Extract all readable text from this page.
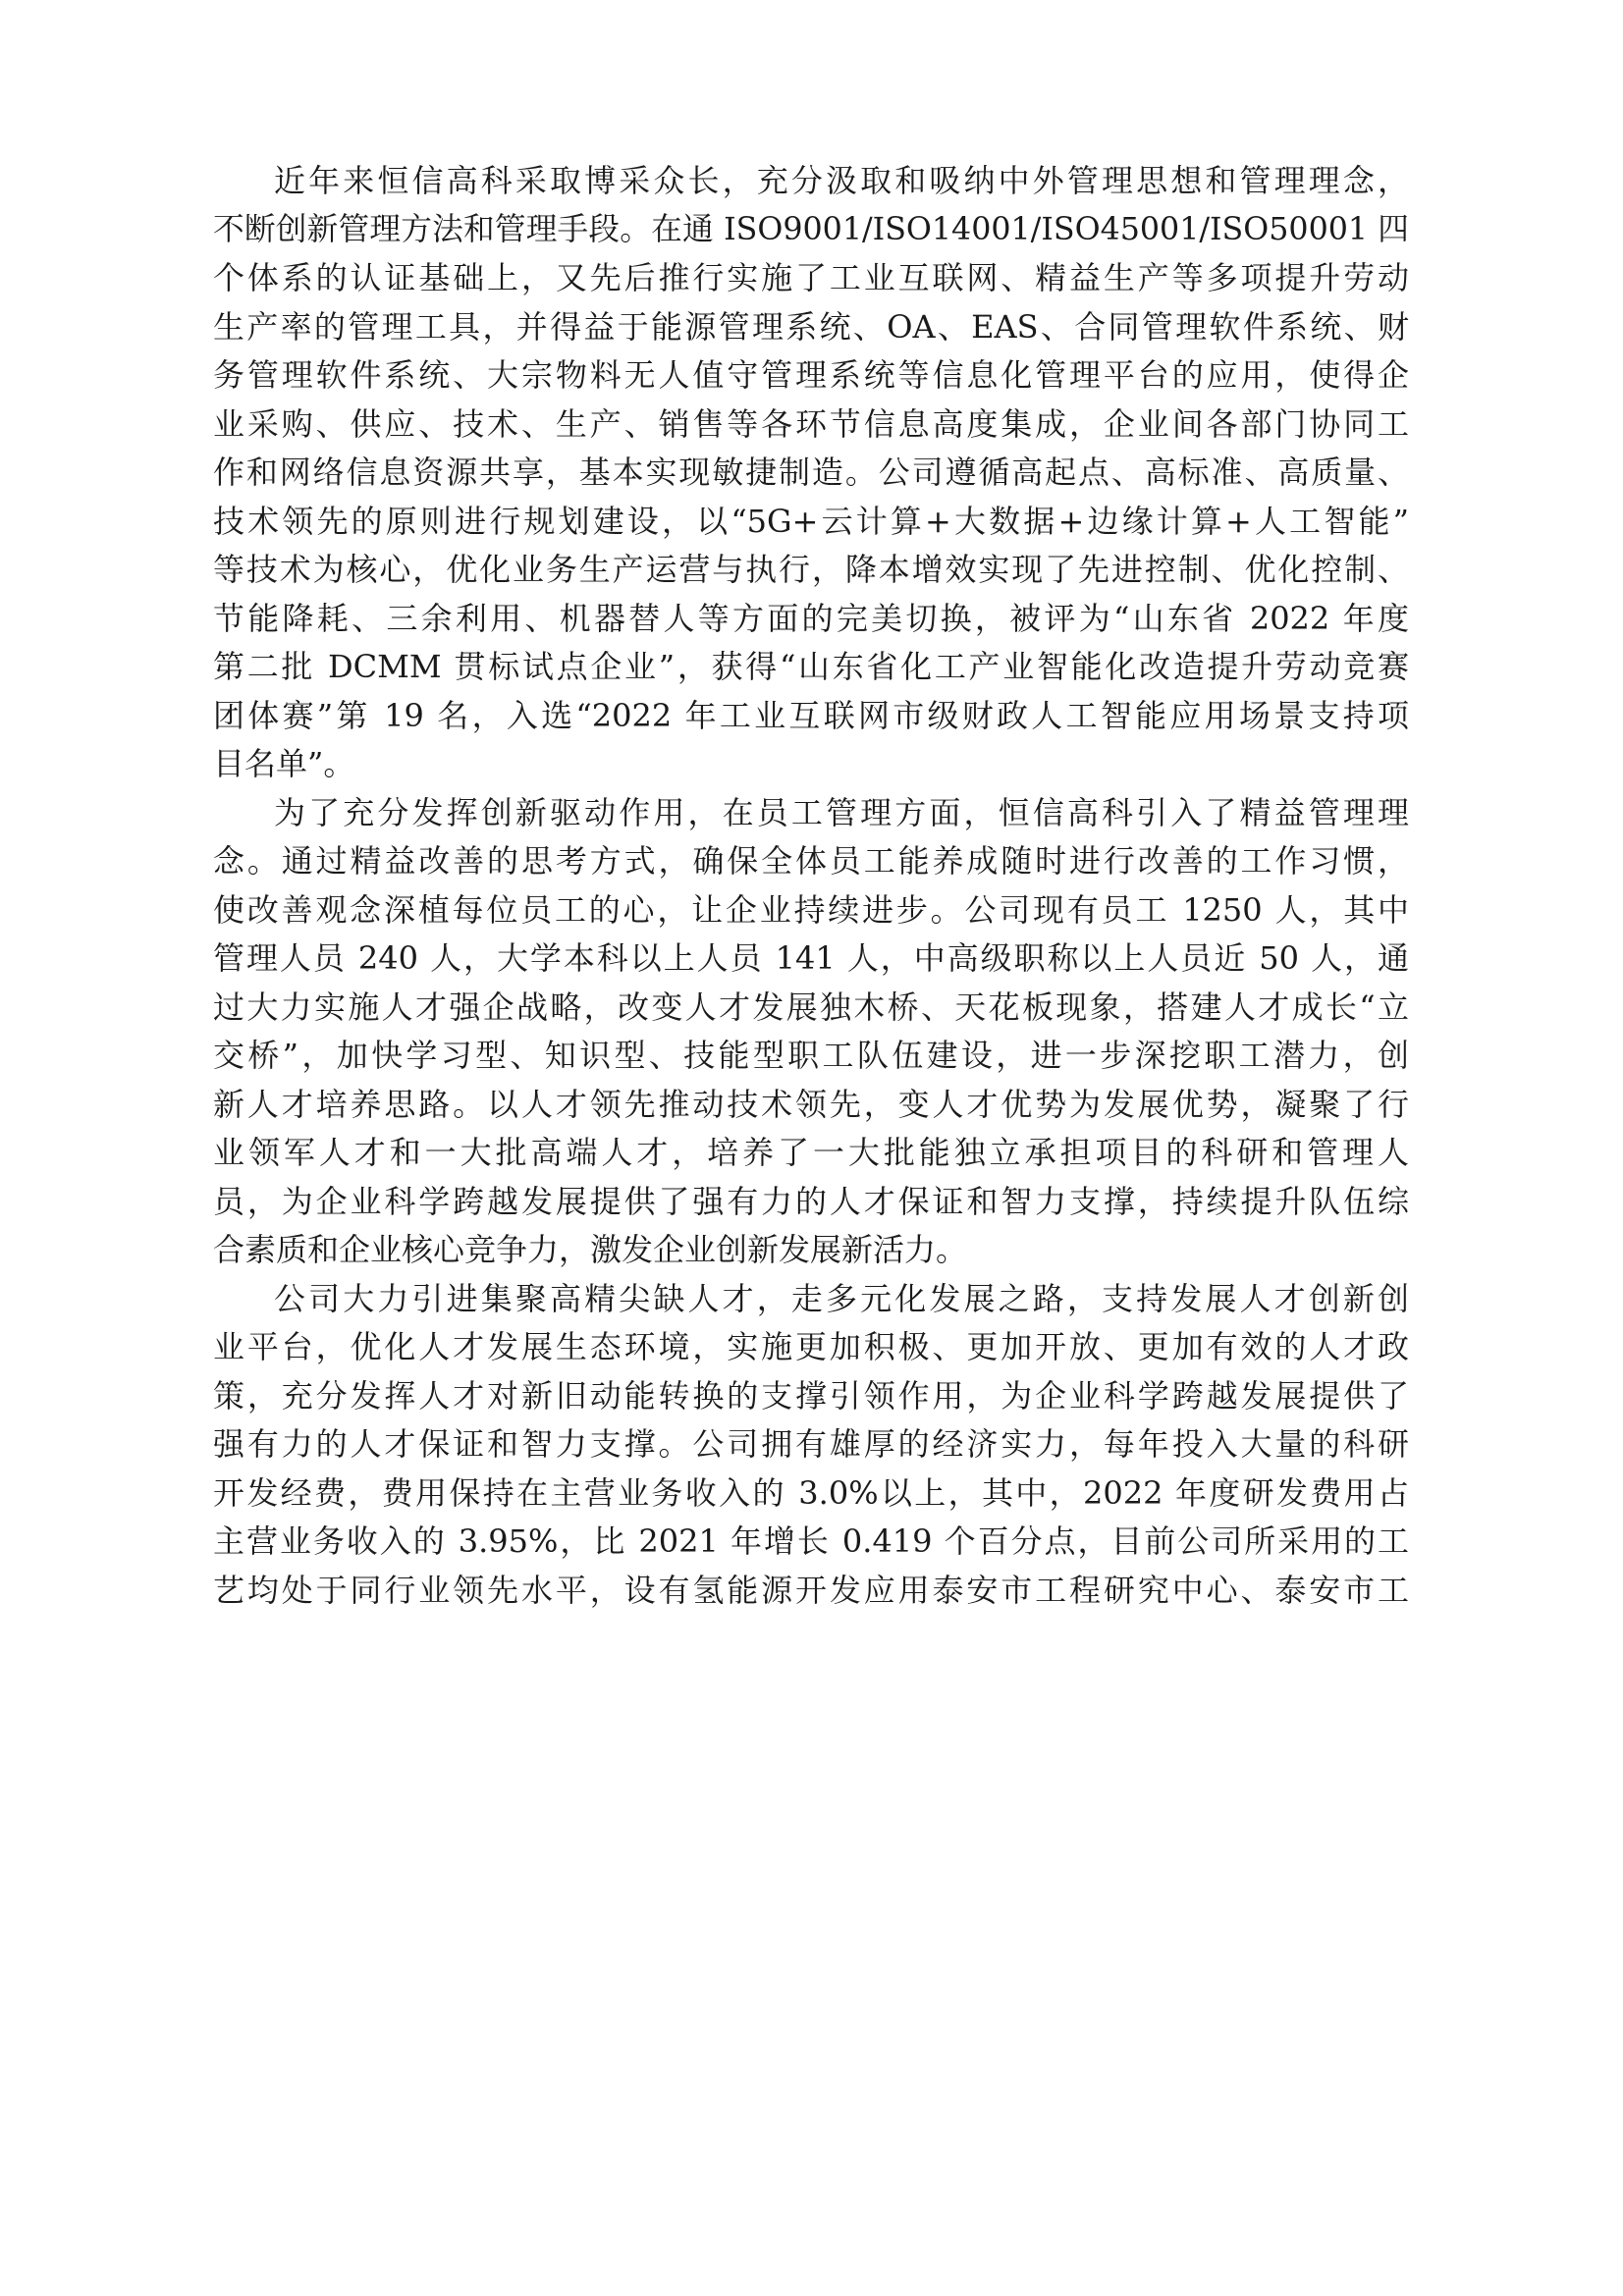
近年来恒信高科采取博采众长，充分汲取和吸纳中外管理思想和管理理念，
不断创新管理方法和管理手段。在通 ISO9001/ISO14001/ISO45001/ISO50001 四
个体系的认证基础上，又先后推行实施了工业互联网、精益生产等多项提升劳动
生产率的管理工具，并得益于能源管理系统、OA、EAS、合同管理软件系统、财
务管理软件系统、大宗物料无人值守管理系统等信息化管理平台的应用，使得企
业采购、供应、技术、生产、销售等各环节信息高度集成，企业间各部门协同工
作和网络信息资源共享，基本实现敏捷制造。公司遵循高起点、高标准、高质量、
技术领先的原则进行规划建设，以“5G+云计算+大数据+边缘计算+人工智能”
等技术为核心，优化业务生产运营与执行，降本增效实现了先进控制、优化控制、
节能降耗、三余利用、机器替人等方面的完美切换，被评为“山东省 2022 年度
第二批 DCMM 贯标试点企业”，获得“山东省化工产业智能化改造提升劳动竞赛
团体赛”第 19 名，入选“2022 年工业互联网市级财政人工智能应用场景支持项
目名单”。
为了充分发挥创新驱动作用，在员工管理方面，恒信高科引入了精益管理理
念。通过精益改善的思考方式，确保全体员工能养成随时进行改善的工作习惯，
使改善观念深植每位员工的心，让企业持续进步。公司现有员工 1250 人，其中
管理人员 240 人，大学本科以上人员 141 人，中高级职称以上人员近 50 人，通
过大力实施人才强企战略，改变人才发展独木桥、天花板现象，搭建人才成长“立
交桥”，加快学习型、知识型、技能型职工队伍建设，进一步深挖职工潜力，创
新人才培养思路。以人才领先推动技术领先，变人才优势为发展优势，凝聚了行
业领军人才和一大批高端人才，培养了一大批能独立承担项目的科研和管理人
员，为企业科学跨越发展提供了强有力的人才保证和智力支撑，持续提升队伍综
合素质和企业核心竞争力，激发企业创新发展新活力。
公司大力引进集聚高精尖缺人才，走多元化发展之路，支持发展人才创新创
业平台，优化人才发展生态环境，实施更加积极、更加开放、更加有效的人才政
策，充分发挥人才对新旧动能转换的支撑引领作用，为企业科学跨越发展提供了
强有力的人才保证和智力支撑。公司拥有雄厚的经济实力，每年投入大量的科研
开发经费，费用保持在主营业务收入的 3.0%以上，其中，2022 年度研发费用占
主营业务收入的 3.95%，比 2021 年增长 0.419 个百分点，目前公司所采用的工
艺均处于同行业领先水平，设有氢能源开发应用泰安市工程研究中心、泰安市工
